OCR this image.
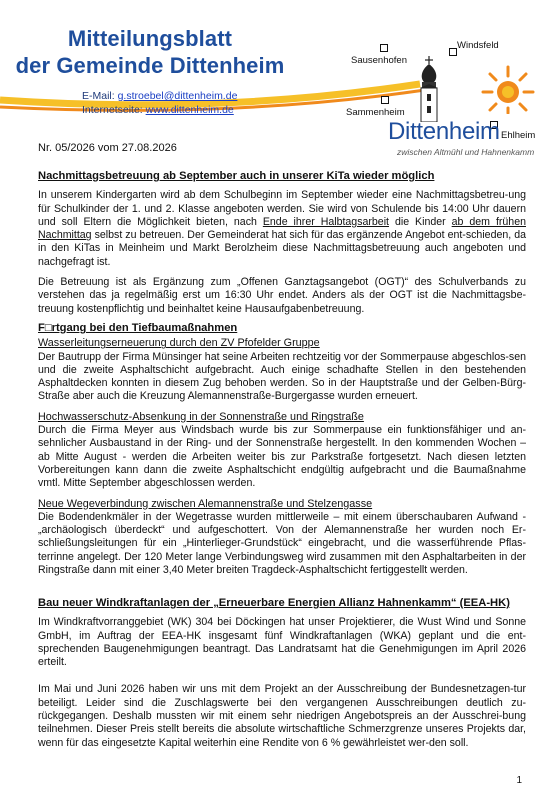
Mitteilungsblatt
der Gemeinde Dittenheim
E-Mail: g.stroebel@dittenheim.de
Internetseite: www.dittenheim.de
Nr. 05/2026 vom 27.08.2026
Sausenhofen
Windsfeld
Sammenheim
Ehlheim
Dittenheim
zwischen Altmühl und Hahnenkamm
Nachmittagsbetreuung ab September auch in unserer KiTa wieder möglich

In unserem Kindergarten wird ab dem Schulbeginn im September wieder eine Nachmittagsbetreu-ung für Schulkinder der 1. und 2. Klasse angeboten werden. Sie wird von Schulende bis 14:00 Uhr dauern und soll Eltern die Möglichkeit bieten, nach Ende ihrer Halbtagsarbeit die Kinder ab dem frühen Nachmittag selbst zu betreuen. Der Gemeinderat hat sich für das ergänzende Angebot ent-schieden, da in den KiTas in Meinheim und Markt Berolzheim diese Nachmittagsbetreuung auch angeboten und nachgefragt ist.

Die Betreuung ist als Ergänzung zum „Offenen Ganztagsangebot (OGT)“ des Schulverbands zu verstehen das ja regelmäßig erst um 16:30 Uhr endet. Anders als der OGT ist die Nachmittagsbe-treuung kostenpflichtig und beinhaltet keine Hausaufgabenbetreuung.

F□rtgang bei den Tiefbaumaßnahmen
Wasserleitungserneuerung durch den ZV Pfofelder Gruppe

Der Bautrupp der Firma Münsinger hat seine Arbeiten rechtzeitig vor der Sommerpause abgeschlos-sen und die zweite Asphaltschicht aufgebracht. Auch einige schadhafte Stellen in den bestehenden Asphaltdecken konnten in diesem Zug behoben werden. So in der Hauptstraße und der Gelben-Bürg-Straße aber auch die Kreuzung Alemannenstraße-Burgergasse wurden erneuert.

Hochwasserschutz-Absenkung in der Sonnenstraße und Ringstraße

Durch die Firma Meyer aus Windsbach wurde bis zur Sommerpause ein funktionsfähiger und an-sehnlicher Ausbaustand in der Ring- und der Sonnenstraße hergestellt. In den kommenden Wochen – ab Mitte August - werden die Arbeiten weiter bis zur Parkstraße fortgesetzt. Nach diesen letzten Vorbereitungen kann dann die zweite Asphaltschicht endgültig aufgebracht und die Baumaßnahme vmtl. Mitte September abgeschlossen werden.

Neue Wegeverbindung zwischen Alemannenstraße und Stelzengasse

Die Bodendenkmäler in der Wegetrasse wurden mittlerweile – mit einem überschaubaren Aufwand - „archäologisch überdeckt“ und aufgeschottert. Von der Alemannenstraße her wurden noch Er-schließungsleitungen für ein „Hinterlieger-Grundstück“ eingebracht, und die wasserführende Pflas-terrinne angelegt. Der 120 Meter lange Verbindungsweg wird zusammen mit den Asphaltarbeiten in der Ringstraße dann mit einer 3,40 Meter breiten Tragdeck-Asphaltschicht fertiggestellt werden.

Bau neuer Windkraftanlagen der „Erneuerbare Energien Allianz Hahnenkamm“ (EEA-HK)

Im Windkraftvorranggebiet (WK) 304 bei Döckingen hat unser Projektierer, die Wust Wind und Sonne GmbH, im Auftrag der EEA-HK insgesamt fünf Windkraftanlagen (WKA) geplant und die ent-sprechenden Baugenehmigungen beantragt. Das Landratsamt hat die Genehmigungen im April 2026 erteilt.

Im Mai und Juni 2026 haben wir uns mit dem Projekt an der Ausschreibung der Bundesnetzagen-tur beteiligt. Leider sind die Zuschlagswerte bei den vergangenen Ausschreibungen deutlich zu-rückgegangen. Deshalb mussten wir mit einem sehr niedrigen Angebotspreis an der Ausschrei-bung teilnehmen. Dieser Preis stellt bereits die absolute wirtschaftliche Schmerzgrenze unseres Projekts dar, wenn für das eingesetzte Kapital weiterhin eine Rendite von 6 % gewährleistet wer-den soll.

1
